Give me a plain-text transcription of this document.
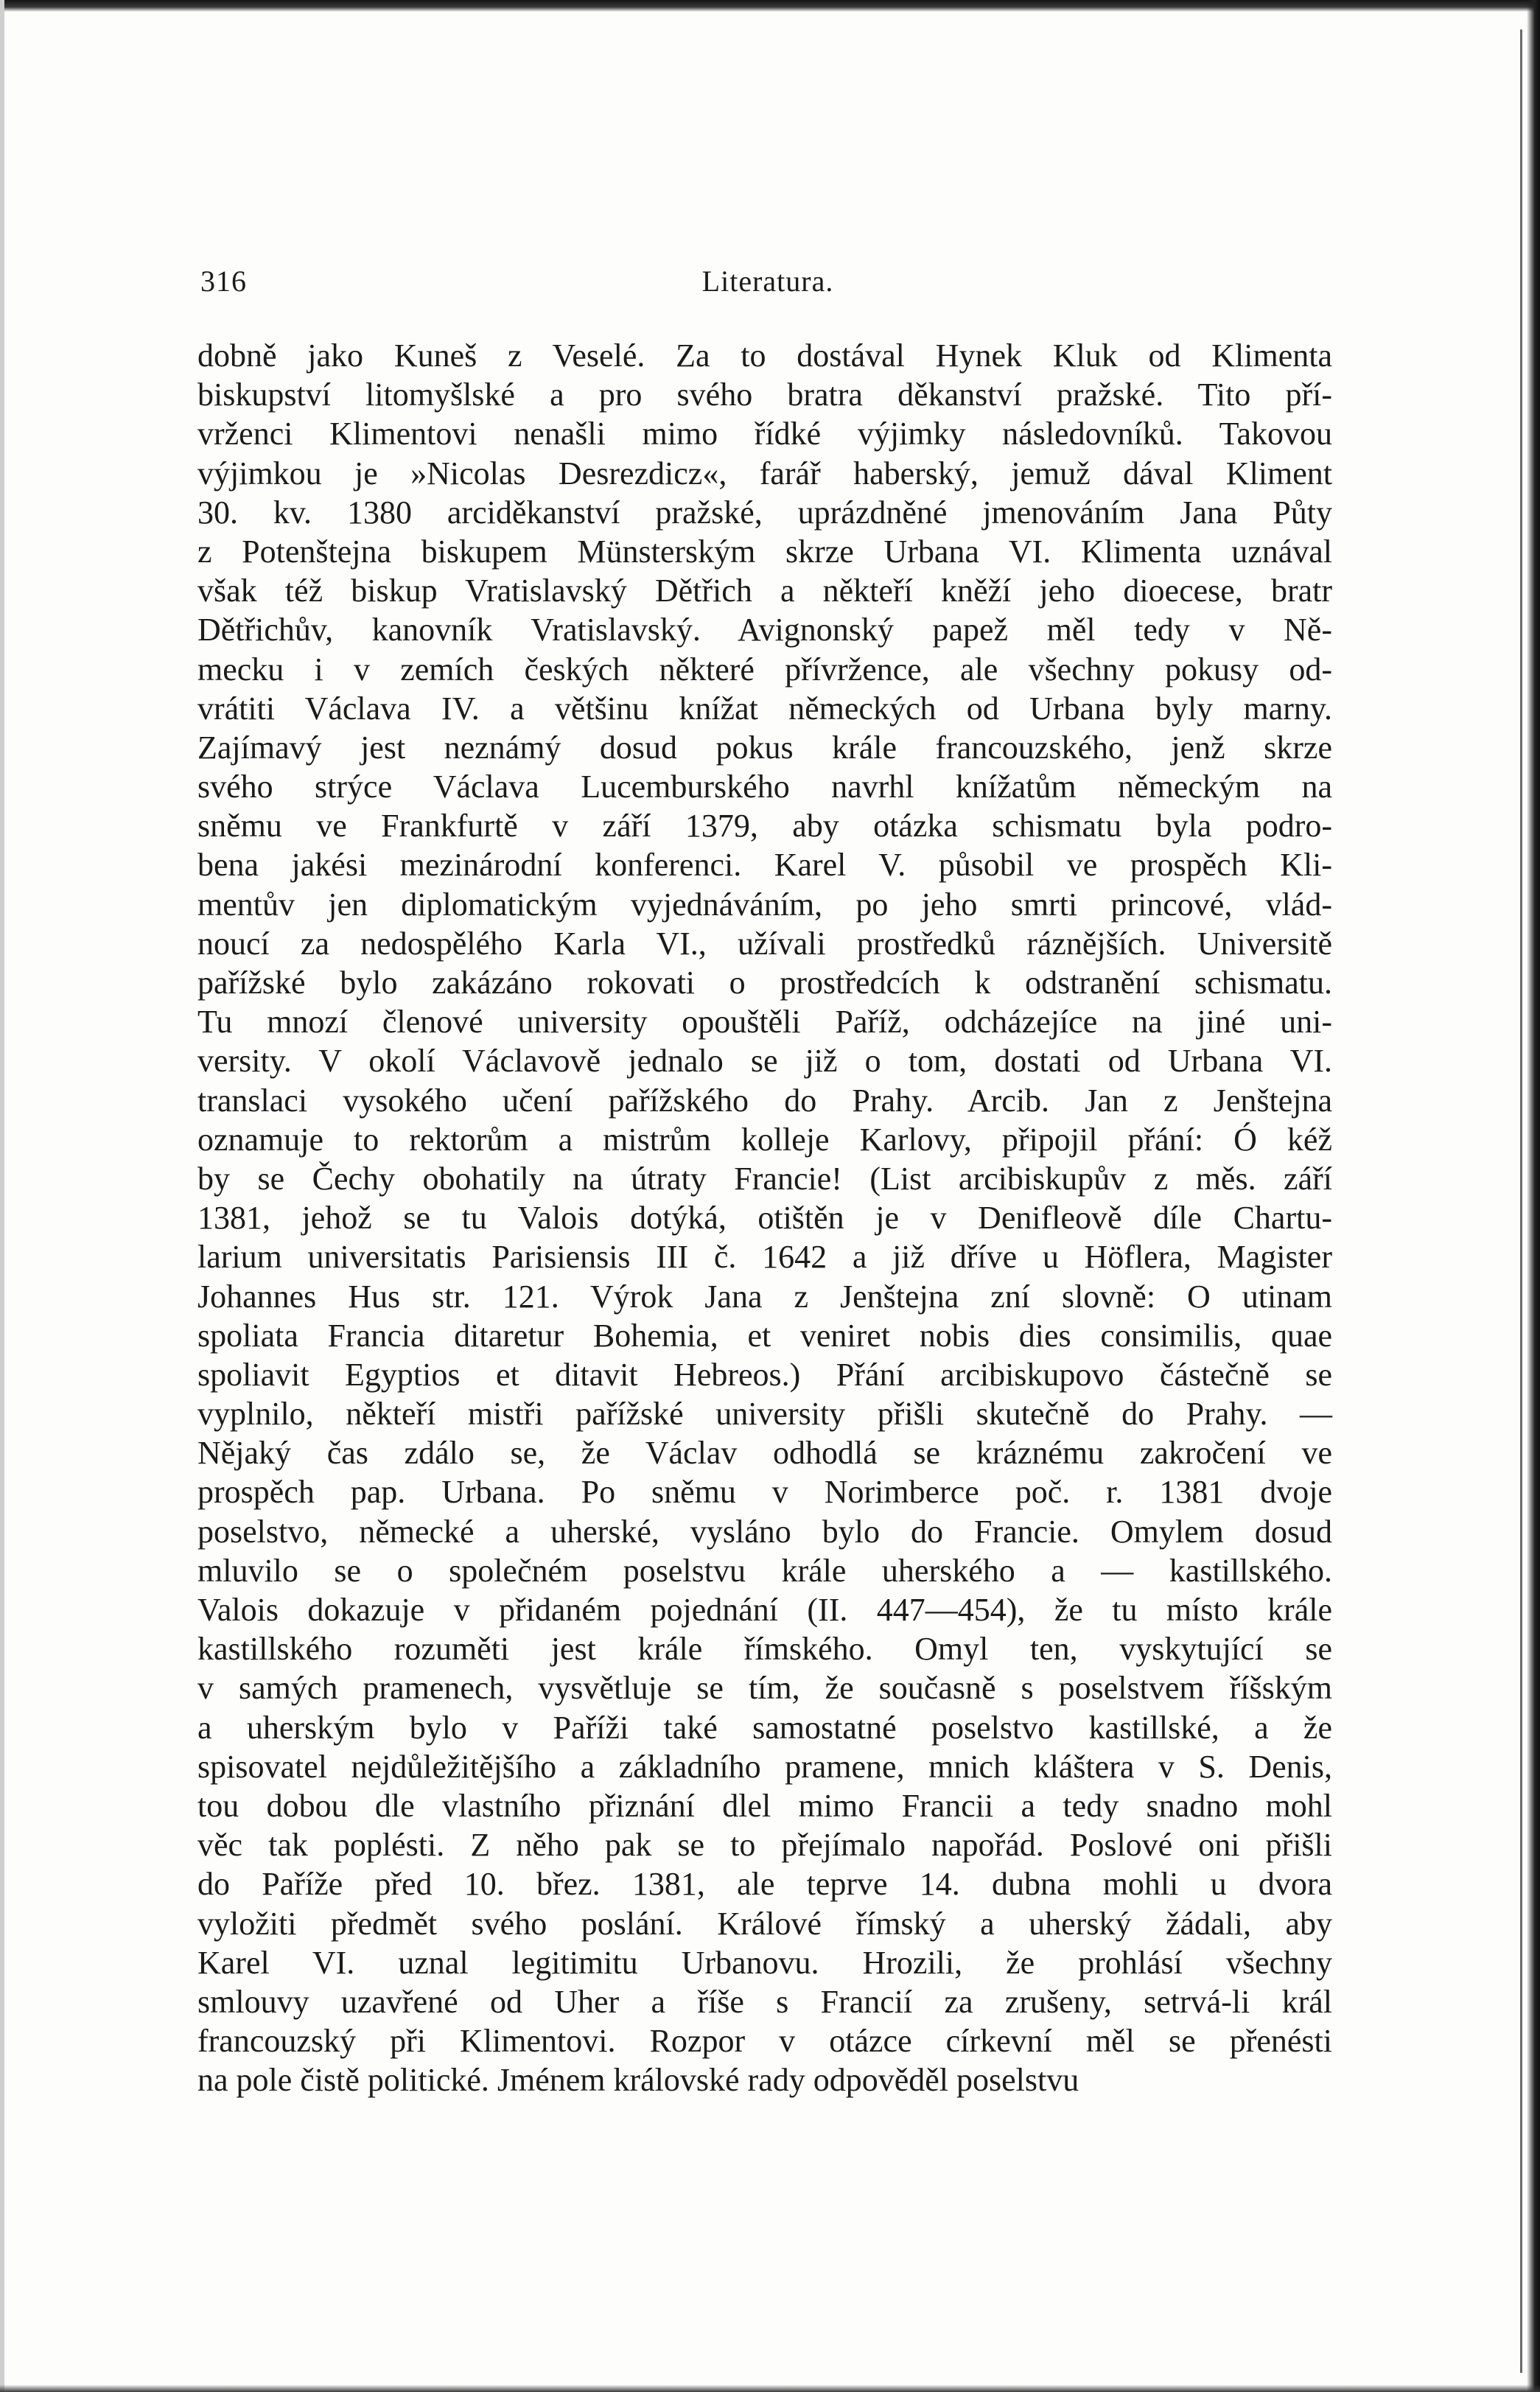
316	Literatura.
dobně jako Kuneš z Veselé. Za to dostával Hynek Kluk od Klimenta
biskupství litomyšlské a pro svého bratra děkanství pražské. Tito pří-
vrženci Klimentovi nenašli mimo řídké výjimky následovníků. Takovou
výjimkou je »Nicolas Desrezdicz«, farář haberský, jemuž dával Kliment
30. kv. 1380 arciděkanství pražské, uprázdněné jmenováním Jana Půty
z Potenštejna biskupem Münsterským skrze Urbana VI. Klimenta uznával
však též biskup Vratislavský Dětřich a někteří kněží jeho dioecese, bratr
Dětřichův, kanovník Vratislavský. Avignonský papež měl tedy v Ně-
mecku i v zemích českých některé přívržence, ale všechny pokusy od-
vrátiti Václava IV. a většinu knížat německých od Urbana byly marny.
Zajímavý jest neznámý dosud pokus krále francouzského, jenž skrze
svého strýce Václava Lucemburského navrhl knížatům německým na
sněmu ve Frankfurtě v září 1379, aby otázka schismatu byla podro-
bena jakési mezinárodní konferenci. Karel V. působil ve prospěch Kli-
mentův jen diplomatickým vyjednáváním, po jeho smrti princové, vlád-
noucí za nedospělého Karla VI., užívali prostředků ráznějších. Universitě
pařížské bylo zakázáno rokovati o prostředcích k odstranění schismatu.
Tu mnozí členové university opouštěli Paříž, odcházejíce na jiné uni-
versity. V okolí Václavově jednalo se již o tom, dostati od Urbana VI.
translaci vysokého učení pařížského do Prahy. Arcib. Jan z Jenštejna
oznamuje to rektorům a mistrům kolleje Karlovy, připojil přání: Ó kéž
by se Čechy obohatily na útraty Francie! (List arcibiskupův z měs. září
1381, jehož se tu Valois dotýká, otištěn je v Denifleově díle Chartu-
larium universitatis Parisiensis III č. 1642 a již dříve u Höflera, Magister
Johannes Hus str. 121. Výrok Jana z Jenštejna zní slovně: O utinam
spoliata Francia ditaretur Bohemia, et veniret nobis dies consimilis, quae
spoliavit Egyptios et ditavit Hebreos.) Přání arcibiskupovo částečně se
vyplnilo, někteří mistři pařížské university přišli skutečně do Prahy. —
Nějaký čas zdálo se, že Václav odhodlá se kráznému zakročení ve
prospěch pap. Urbana. Po sněmu v Norimberce poč. r. 1381 dvoje
poselstvo, německé a uherské, vysláno bylo do Francie. Omylem dosud
mluvilo se o společném poselstvu krále uherského a — kastillského.
Valois dokazuje v přidaném pojednání (II. 447—454), že tu místo krále
kastillského rozuměti jest krále římského. Omyl ten, vyskytující se
v samých pramenech, vysvětluje se tím, že současně s poselstvem říšským
a uherským bylo v Paříži také samostatné poselstvo kastillské, a že
spisovatel nejdůležitějšího a základního pramene, mnich kláštera v S. Denis,
tou dobou dle vlastního přiznání dlel mimo Francii a tedy snadno mohl
věc tak poplésti. Z něho pak se to přejímalo napořád. Poslové oni přišli
do Paříže před 10. břez. 1381, ale teprve 14. dubna mohli u dvora
vyložiti předmět svého poslání. Králové římský a uherský žádali, aby
Karel VI. uznal legitimitu Urbanovu. Hrozili, že prohlásí všechny
smlouvy uzavřené od Uher a říše s Francií za zrušeny, setrvá-li král
francouzský při Klimentovi. Rozpor v otázce církevní měl se přenésti
na pole čistě politické. Jménem královské rady odpověděl poselstvu
